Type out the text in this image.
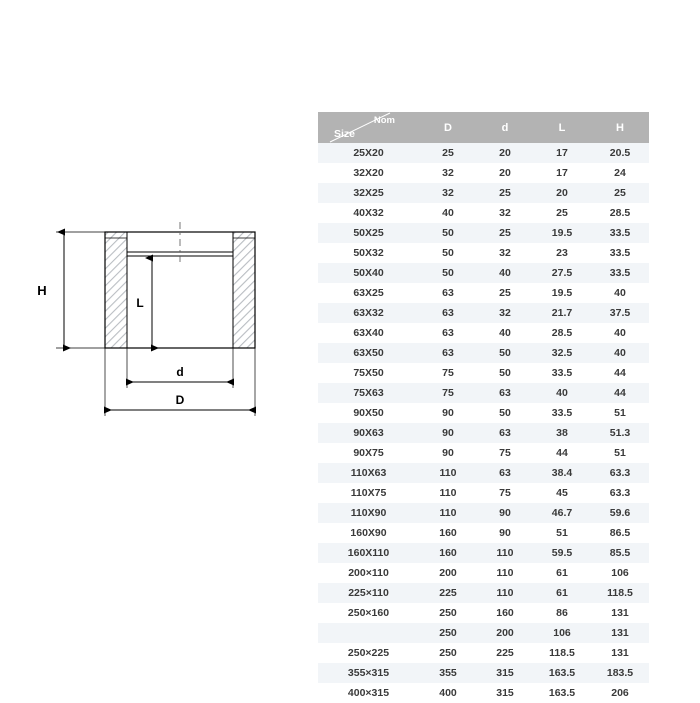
H
L
d
D
Nom
Size	D	d	L	H
25X20	25	20	17	20.5
32X20	32	20	17	24
32X25	32	25	20	25
40X32	40	32	25	28.5
50X25	50	25	19.5	33.5
50X32	50	32	23	33.5
50X40	50	40	27.5	33.5
63X25	63	25	19.5	40
63X32	63	32	21.7	37.5
63X40	63	40	28.5	40
63X50	63	50	32.5	40
75X50	75	50	33.5	44
75X63	75	63	40	44
90X50	90	50	33.5	51
90X63	90	63	38	51.3
90X75	90	75	44	51
110X63	110	63	38.4	63.3
110X75	110	75	45	63.3
110X90	110	90	46.7	59.6
160X90	160	90	51	86.5
160X110	160	110	59.5	85.5
200×110	200	110	61	106
225×110	225	110	61	118.5
250×160	250	160	86	131
	250	200	106	131
250×225	250	225	118.5	131
355×315	355	315	163.5	183.5
400×315	400	315	163.5	206
